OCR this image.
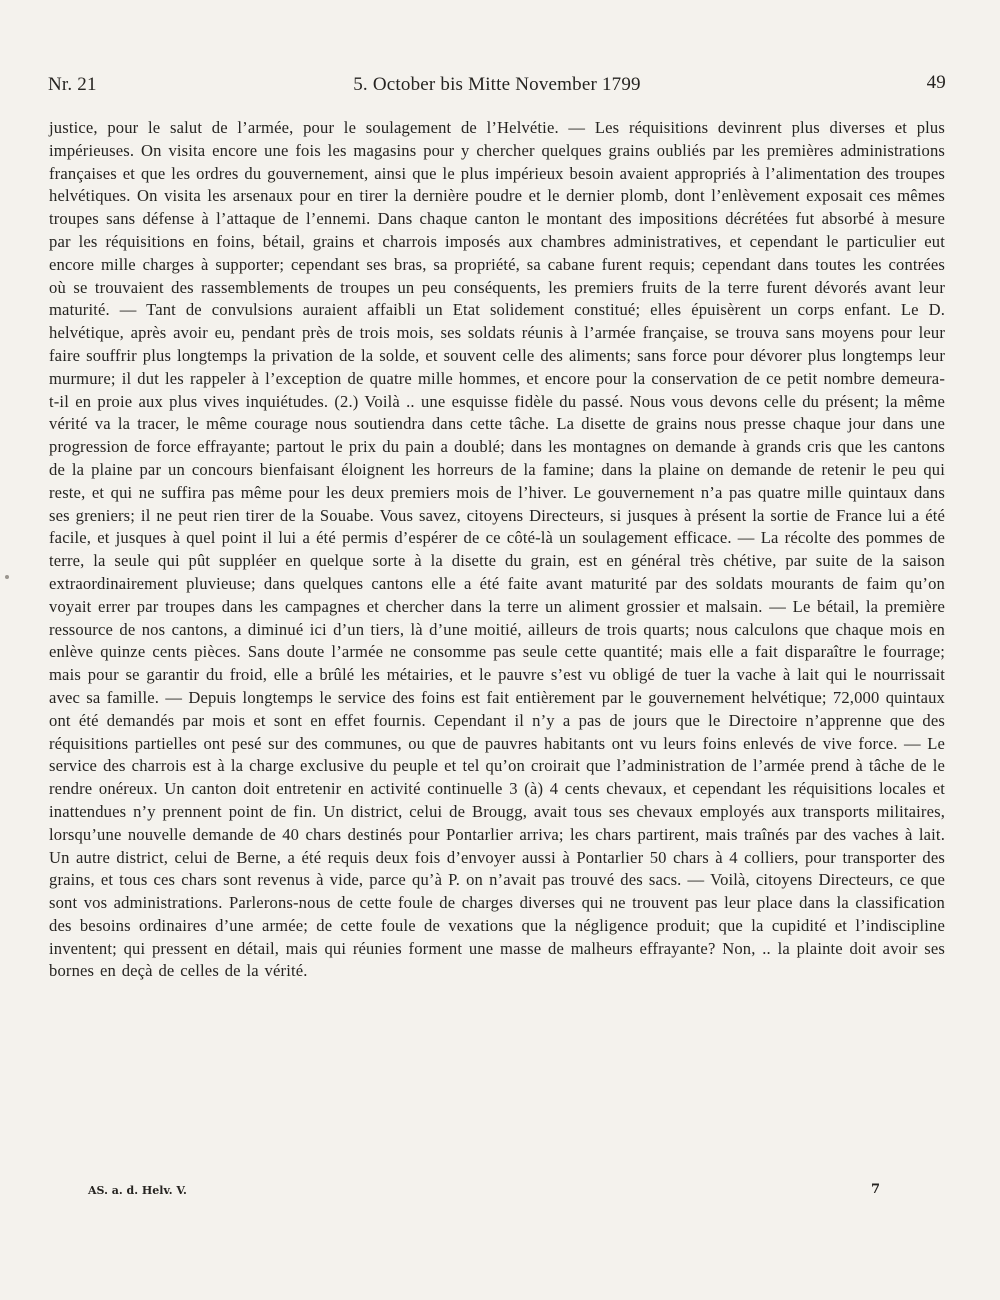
Nr. 21	5. October bis Mitte November 1799	49

justice, pour le salut de l’armée, pour le soulagement de l’Helvétie. — Les réquisitions devinrent plus diverses et plus impérieuses. On visita encore une fois les magasins pour y chercher quelques grains oubliés par les premières administrations françaises et que les ordres du gouvernement, ainsi que le plus impérieux besoin avaient appropriés à l’alimentation des troupes helvétiques. On visita les arsenaux pour en tirer la dernière poudre et le dernier plomb, dont l’enlèvement exposait ces mêmes troupes sans défense à l’attaque de l’ennemi. Dans chaque canton le montant des impositions décrétées fut absorbé à mesure par les réquisitions en foins, bétail, grains et charrois imposés aux chambres administratives, et cependant le particulier eut encore mille charges à supporter; cependant ses bras, sa propriété, sa cabane furent requis; cependant dans toutes les contrées où se trouvaient des rassemblements de troupes un peu conséquents, les premiers fruits de la terre furent dévorés avant leur maturité. — Tant de convulsions auraient affaibli un Etat solidement constitué; elles épuisèrent un corps enfant. Le D. helvétique, après avoir eu, pendant près de trois mois, ses soldats réunis à l’armée française, se trouva sans moyens pour leur faire souffrir plus longtemps la privation de la solde, et souvent celle des aliments; sans force pour dévorer plus longtemps leur murmure; il dut les rappeler à l’exception de quatre mille hommes, et encore pour la conservation de ce petit nombre demeura-t-il en proie aux plus vives inquiétudes. (2.) Voilà .. une esquisse fidèle du passé. Nous vous devons celle du présent; la même vérité va la tracer, le même courage nous soutiendra dans cette tâche. La disette de grains nous presse chaque jour dans une progression de force effrayante; partout le prix du pain a doublé; dans les montagnes on demande à grands cris que les cantons de la plaine par un concours bienfaisant éloignent les horreurs de la famine; dans la plaine on demande de retenir le peu qui reste, et qui ne suffira pas même pour les deux premiers mois de l’hiver. Le gouvernement n’a pas quatre mille quintaux dans ses greniers; il ne peut rien tirer de la Souabe. Vous savez, citoyens Directeurs, si jusques à présent la sortie de France lui a été facile, et jusques à quel point il lui a été permis d’espérer de ce côté-là un soulagement efficace. — La récolte des pommes de terre, la seule qui pût suppléer en quelque sorte à la disette du grain, est en général très chétive, par suite de la saison extraordinairement pluvieuse; dans quelques cantons elle a été faite avant maturité par des soldats mourants de faim qu’on voyait errer par troupes dans les campagnes et chercher dans la terre un aliment grossier et malsain. — Le bétail, la première ressource de nos cantons, a diminué ici d’un tiers, là d’une moitié, ailleurs de trois quarts; nous calculons que chaque mois en enlève quinze cents pièces. Sans doute l’armée ne consomme pas seule cette quantité; mais elle a fait disparaître le fourrage; mais pour se garantir du froid, elle a brûlé les métairies, et le pauvre s’est vu obligé de tuer la vache à lait qui le nourrissait avec sa famille. — Depuis longtemps le service des foins est fait entièrement par le gouvernement helvétique; 72,000 quintaux ont été demandés par mois et sont en effet fournis. Cependant il n’y a pas de jours que le Directoire n’apprenne que des réquisitions partielles ont pesé sur des communes, ou que de pauvres habitants ont vu leurs foins enlevés de vive force. — Le service des charrois est à la charge exclusive du peuple et tel qu’on croirait que l’administration de l’armée prend à tâche de le rendre onéreux. Un canton doit entretenir en activité continuelle 3 (à) 4 cents chevaux, et cependant les réquisitions locales et inattendues n’y prennent point de fin. Un district, celui de Brougg, avait tous ses chevaux employés aux transports militaires, lorsqu’une nouvelle demande de 40 chars destinés pour Pontarlier arriva; les chars partirent, mais traînés par des vaches à lait. Un autre district, celui de Berne, a été requis deux fois d’envoyer aussi à Pontarlier 50 chars à 4 colliers, pour transporter des grains, et tous ces chars sont revenus à vide, parce qu’à P. on n’avait pas trouvé des sacs. — Voilà, citoyens Directeurs, ce que sont vos administrations. Parlerons-nous de cette foule de charges diverses qui ne trouvent pas leur place dans la classification des besoins ordinaires d’une armée; de cette foule de vexations que la négligence produit; que la cupidité et l’indiscipline inventent; qui pressent en détail, mais qui réunies forment une masse de malheurs effrayante? Non, .. la plainte doit avoir ses bornes en deçà de celles de la vérité.

AS. a. d. Helv. V.	7
